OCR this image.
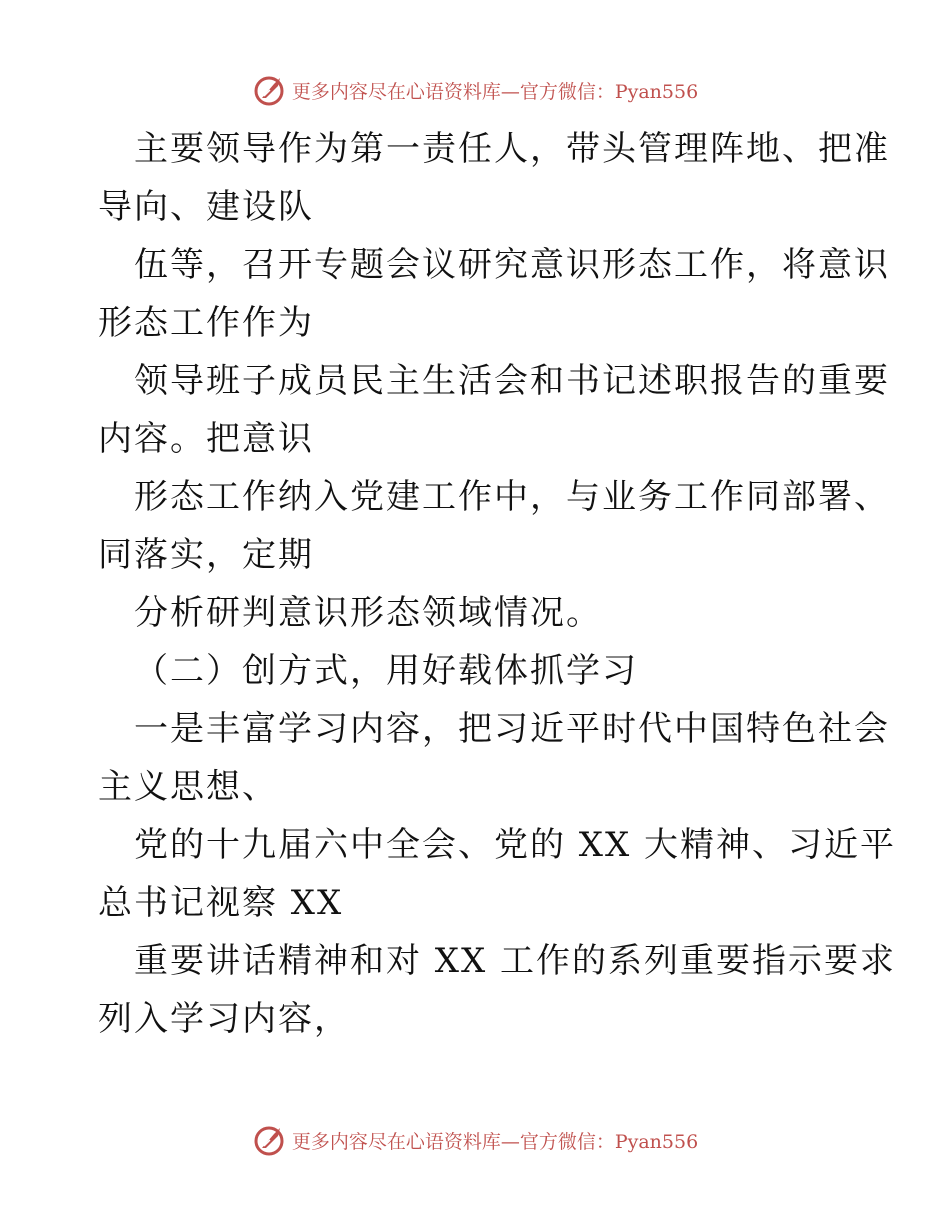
更多内容尽在心语资料库—官方微信：Pyan556
主要领导作为第一责任人，带头管理阵地、把准
导向、建设队
伍等，召开专题会议研究意识形态工作，将意识
形态工作作为
领导班子成员民主生活会和书记述职报告的重要
内容。把意识
形态工作纳入党建工作中，与业务工作同部署、
同落实，定期
分析研判意识形态领域情况。
（二）创方式，用好载体抓学习
一是丰富学习内容，把习近平时代中国特色社会
主义思想、
党的十九届六中全会、党的 XX 大精神、习近平
总书记视察 XX
重要讲话精神和对 XX 工作的系列重要指示要求
列入学习内容，
更多内容尽在心语资料库—官方微信：Pyan556
